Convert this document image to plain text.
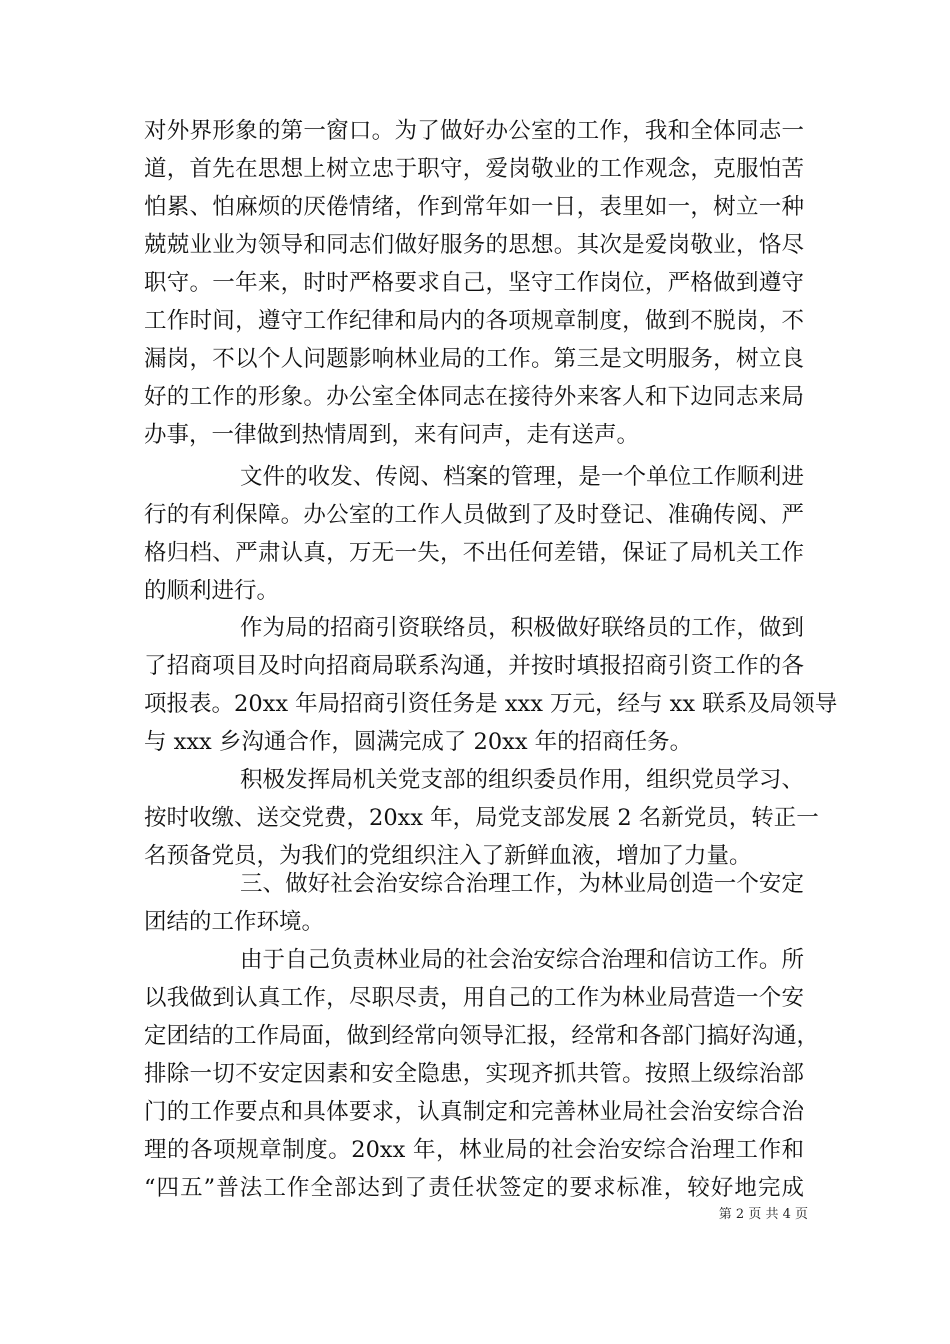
对外界形象的第一窗口。为了做好办公室的工作，我和全体同志一
道，首先在思想上树立忠于职守，爱岗敬业的工作观念，克服怕苦
怕累、怕麻烦的厌倦情绪，作到常年如一日，表里如一，树立一种
兢兢业业为领导和同志们做好服务的思想。其次是爱岗敬业，恪尽
职守。一年来，时时严格要求自己，坚守工作岗位，严格做到遵守
工作时间，遵守工作纪律和局内的各项规章制度，做到不脱岗，不
漏岗，不以个人问题影响林业局的工作。第三是文明服务，树立良
好的工作的形象。办公室全体同志在接待外来客人和下边同志来局
办事，一律做到热情周到，来有问声，走有送声。
文件的收发、传阅、档案的管理，是一个单位工作顺利进
行的有利保障。办公室的工作人员做到了及时登记、准确传阅、严
格归档、严肃认真，万无一失，不出任何差错，保证了局机关工作
的顺利进行。
作为局的招商引资联络员，积极做好联络员的工作，做到
了招商项目及时向招商局联系沟通，并按时填报招商引资工作的各
项报表。20xx 年局招商引资任务是 xxx 万元，经与 xx 联系及局领导
与 xxx 乡沟通合作，圆满完成了 20xx 年的招商任务。
积极发挥局机关党支部的组织委员作用，组织党员学习、
按时收缴、送交党费，20xx 年，局党支部发展 2 名新党员，转正一
名预备党员，为我们的党组织注入了新鲜血液，增加了力量。
三、做好社会治安综合治理工作，为林业局创造一个安定
团结的工作环境。
由于自己负责林业局的社会治安综合治理和信访工作。所
以我做到认真工作，尽职尽责，用自己的工作为林业局营造一个安
定团结的工作局面，做到经常向领导汇报，经常和各部门搞好沟通，
排除一切不安定因素和安全隐患，实现齐抓共管。按照上级综治部
门的工作要点和具体要求，认真制定和完善林业局社会治安综合治
理的各项规章制度。20xx 年，林业局的社会治安综合治理工作和
“四五”普法工作全部达到了责任状签定的要求标准，较好地完成
第 2 页 共 4 页
